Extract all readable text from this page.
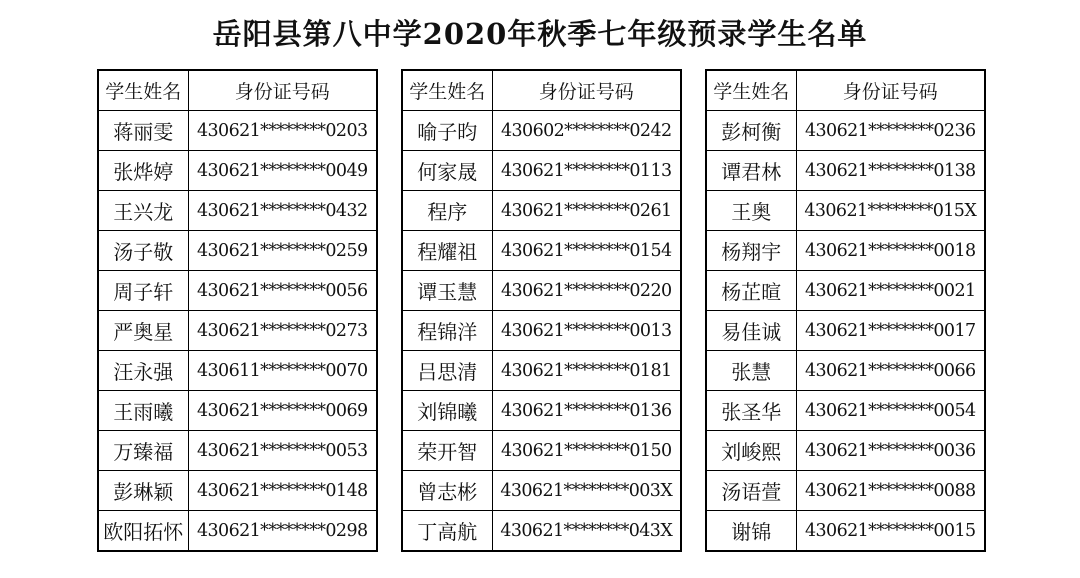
岳阳县第八中学2020年秋季七年级预录学生名单
学生姓名	身份证号码
蒋丽雯	430621********0203
张烨婷	430621********0049
王兴龙	430621********0432
汤子敬	430621********0259
周子轩	430621********0056
严奥星	430621********0273
汪永强	430611********0070
王雨曦	430621********0069
万臻福	430621********0053
彭琳颖	430621********0148
欧阳拓怀	430621********0298
学生姓名	身份证号码
喻子昀	430602********0242
何家晟	430621********0113
程序	430621********0261
程耀祖	430621********0154
谭玉慧	430621********0220
程锦洋	430621********0013
吕思清	430621********0181
刘锦曦	430621********0136
荣开智	430621********0150
曾志彬	430621********003X
丁高航	430621********043X
学生姓名	身份证号码
彭柯衡	430621********0236
谭君林	430621********0138
王奥	430621********015X
杨翔宇	430621********0018
杨芷暄	430621********0021
易佳诚	430621********0017
张慧	430621********0066
张圣华	430621********0054
刘峻熙	430621********0036
汤语萱	430621********0088
谢锦	430621********0015
